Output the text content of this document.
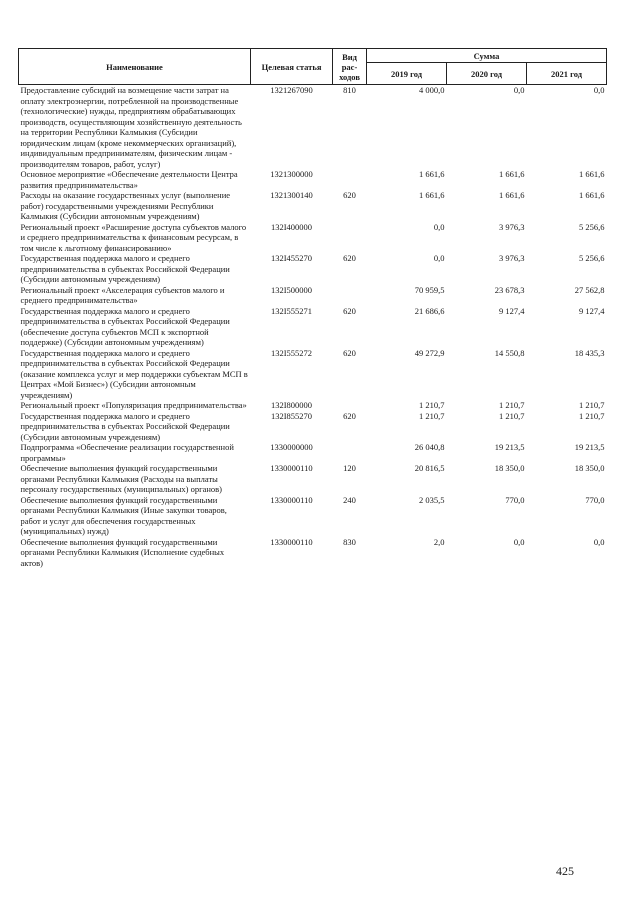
Наименование	Целевая статья	Вид рас-ходов	Сумма		
			2019 год	2020 год	2021 год
Предоставление субсидий на возмещение части затрат на оплату электроэнергии, потребленной на производственные (технологические) нужды, предприятиям обрабатывающих производств, осуществляющим хозяйственную деятельность на территории Республики Калмыкия (Субсидии юридическим лицам (кроме некоммерческих организаций), индивидуальным предпринимателям, физическим лицам - производителям товаров, работ, услуг)	1321267090	810	4 000,0	0,0	0,0
Основное мероприятие «Обеспечение деятельности Центра развития предпринимательства»	1321300000		1 661,6	1 661,6	1 661,6
Расходы на оказание государственных услуг (выполнение работ) государственными учреждениями Республики Калмыкия (Субсидии автономным учреждениям)	1321300140	620	1 661,6	1 661,6	1 661,6
Региональный проект «Расширение доступа субъектов малого и среднего предпринимательства к финансовым ресурсам, в том числе к льготному финансированию»	132I400000		0,0	3 976,3	5 256,6
Государственная поддержка малого и среднего предпринимательства в субъектах Российской Федерации (Субсидии автономным учреждениям)	132I455270	620	0,0	3 976,3	5 256,6
Региональный проект «Акселерация субъектов малого и среднего предпринимательства»	132I500000		70 959,5	23 678,3	27 562,8
Государственная поддержка малого и среднего предпринимательства в субъектах Российской Федерации (обеспечение доступа субъектов МСП к экспортной поддержке) (Субсидии автономным учреждениям)	132I555271	620	21 686,6	9 127,4	9 127,4
Государственная поддержка малого и среднего предпринимательства в субъектах Российской Федерации (оказание комплекса услуг и мер поддержки субъектам МСП в Центрах «Мой Бизнес») (Субсидии автономным учреждениям)	132I555272	620	49 272,9	14 550,8	18 435,3
Региональный проект «Популяризация предпринимательства»	132I800000		1 210,7	1 210,7	1 210,7
Государственная поддержка малого и среднего предпринимательства в субъектах Российской Федерации (Субсидии автономным учреждениям)	132I855270	620	1 210,7	1 210,7	1 210,7
Подпрограмма «Обеспечение реализации государственной программы»	1330000000		26 040,8	19 213,5	19 213,5
Обеспечение выполнения функций государственными органами Республики Калмыкия (Расходы на выплаты персоналу государственных (муниципальных) органов)	1330000110	120	20 816,5	18 350,0	18 350,0
Обеспечение выполнения функций государственными органами Республики Калмыкия (Иные закупки товаров, работ и услуг для обеспечения государственных (муниципальных) нужд)	1330000110	240	2 035,5	770,0	770,0
Обеспечение выполнения функций государственными органами Республики Калмыкия (Исполнение судебных актов)	1330000110	830	2,0	0,0	0,0
425
